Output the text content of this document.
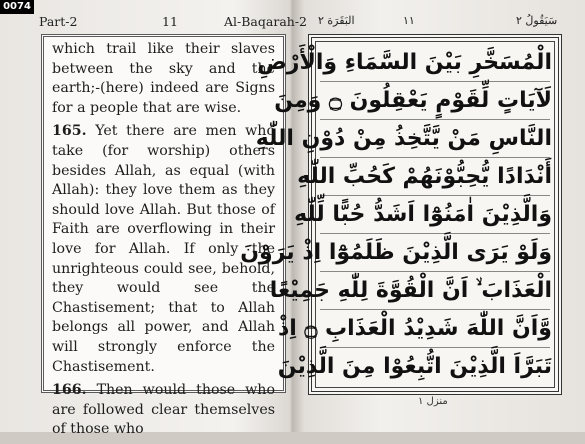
0074
Part-2	11	Al-Baqarah-2 البَقَرَة ٢	١١	سَيَقُولُ ٢

which trail like their slaves between the sky and the earth;-(here) indeed are Signs for a people that are wise.

165. Yet there are men who take (for worship) others besides Allah, as equal (with Allah): they love them as they should love Allah. But those of Faith are overflowing in their love for Allah. If only the unrighteous could see, behold, they would see the Chastisement; that to Allah belongs all power, and Allah will strongly enforce the Chastisement.

166. Then would those who are followed clear themselves of those who

الْمُسَخَّرِ بَيْنَ السَّمَاءِ وَالْأَرْضِ
لَآيَاتٍ لِّقَوْمٍ يَعْقِلُونَ ۝ وَمِنَ
النَّاسِ مَنْ يَّتَّخِذُ مِنْ دُوْنِ اللّٰهِ
أَنْدَادًا يُّحِبُّوْنَهُمْ كَحُبِّ اللّٰهِ
وَالَّذِيْنَ اٰمَنُوْٓا اَشَدُّ حُبًّا لِّلّٰهِ
وَلَوْ يَرَى الَّذِيْنَ ظَلَمُوْٓا اِذْ يَرَوْنَ
الْعَذَابَ ۙ اَنَّ الْقُوَّةَ لِلّٰهِ جَمِيْعًا
وَّاَنَّ اللّٰهَ شَدِيْدُ الْعَذَابِ ۝ اِذْ
تَبَرَّاَ الَّذِيْنَ اتُّبِعُوْا مِنَ الَّذِيْنَ
منزل ١
